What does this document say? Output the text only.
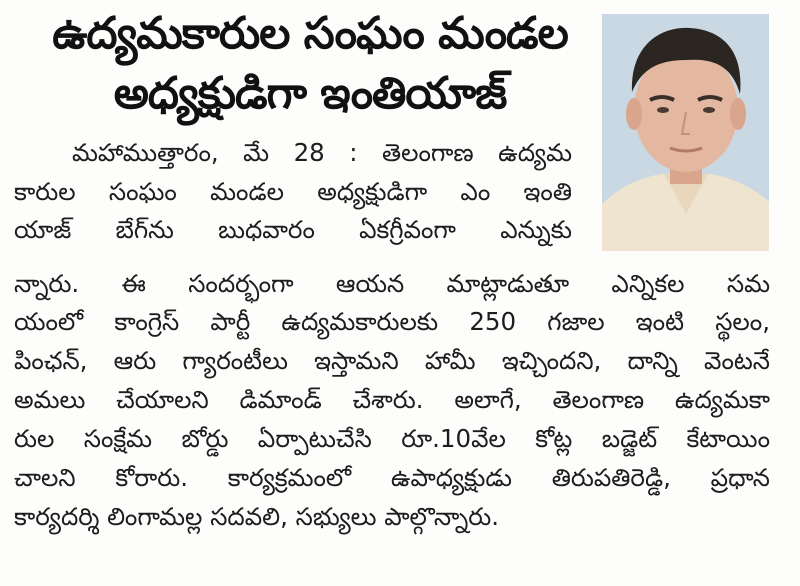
ఉద్యమకారుల సంఘం మండల
అధ్యక్షుడిగా ఇంతియాజ్
మహాముత్తారం, మే 28 : తెలంగాణ ఉద్యమ
కారుల సంఘం మండల అధ్యక్షుడిగా ఎం ఇంతి
యాజ్ బేగ్‌ను బుధవారం ఏకగ్రీవంగా ఎన్నుకు
న్నారు. ఈ సందర్భంగా ఆయన మాట్లాడుతూ ఎన్నికల సమ
యంలో కాంగ్రెస్ పార్టీ ఉద్యమకారులకు 250 గజాల ఇంటి స్థలం,
పింఛన్, ఆరు గ్యారంటీలు ఇస్తామని హామీ ఇచ్చిందని, దాన్ని వెంటనే
అమలు చేయాలని డిమాండ్ చేశారు. అలాగే, తెలంగాణ ఉద్యమకా
రుల సంక్షేమ బోర్డు ఏర్పాటుచేసి రూ.10వేల కోట్ల బడ్జెట్ కేటాయిం
చాలని కోరారు. కార్యక్రమంలో ఉపాధ్యక్షుడు తిరుపతిరెడ్డి, ప్రధాన
కార్యదర్శి లింగామల్ల సదవలి, సభ్యులు పాల్గొన్నారు.
